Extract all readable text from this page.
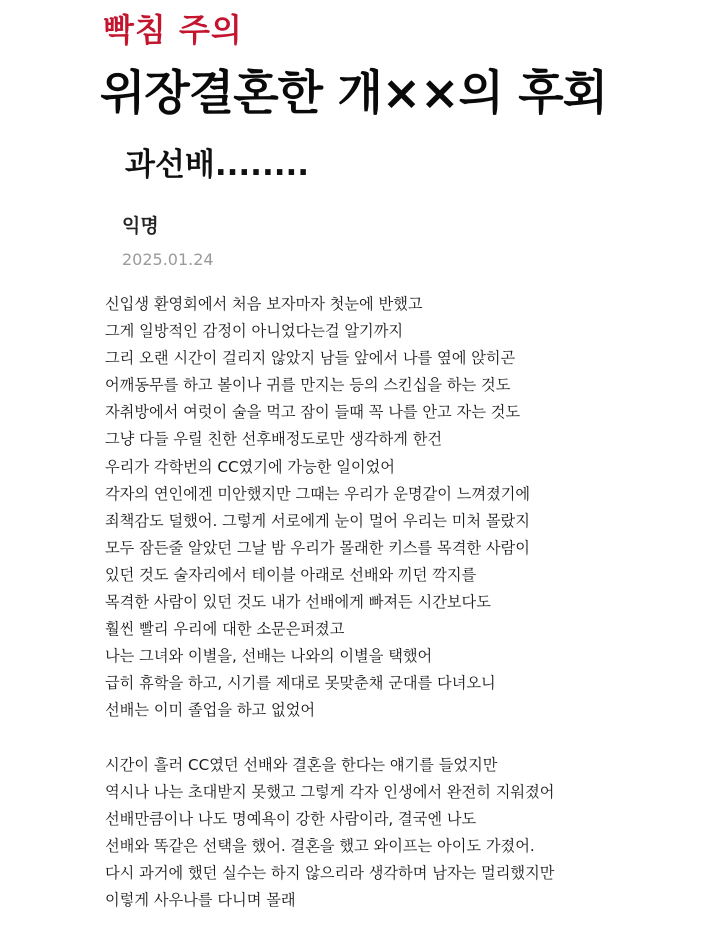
빡침 주의
위장결혼한 개××의 후회
과선배........
익명
2025.01.24
신입생 환영회에서 처음 보자마자 첫눈에 반했고
그게 일방적인 감정이 아니었다는걸 알기까지
그리 오랜 시간이 걸리지 않았지 남들 앞에서 나를 옆에 앉히곤
어깨동무를 하고 볼이나 귀를 만지는 등의 스킨십을 하는 것도
자취방에서 여럿이 술을 먹고 잠이 들때 꼭 나를 안고 자는 것도
그냥 다들 우릴 친한 선후배정도로만 생각하게 한건
우리가 각학번의 CC였기에 가능한 일이었어
각자의 연인에겐 미안했지만 그때는 우리가 운명같이 느껴졌기에
죄책감도 덜했어. 그렇게 서로에게 눈이 멀어 우리는 미처 몰랐지
모두 잠든줄 알았던 그날 밤 우리가 몰래한 키스를 목격한 사람이
있던 것도 술자리에서 테이블 아래로 선배와 끼던 깍지를
목격한 사람이 있던 것도 내가 선배에게 빠져든 시간보다도
훨씬 빨리 우리에 대한 소문은퍼졌고
나는 그녀와 이별을, 선배는 나와의 이별을 택했어
급히 휴학을 하고, 시기를 제대로 못맞춘채 군대를 다녀오니
선배는 이미 졸업을 하고 없었어
시간이 흘러 CC였던 선배와 결혼을 한다는 얘기를 들었지만
역시나 나는 초대받지 못했고 그렇게 각자 인생에서 완전히 지워졌어
선배만큼이나 나도 명예욕이 강한 사람이라, 결국엔 나도
선배와 똑같은 선택을 했어. 결혼을 했고 와이프는 아이도 가졌어.
다시 과거에 했던 실수는 하지 않으리라 생각하며 남자는 멀리했지만
이렇게 사우나를 다니며 몰래
